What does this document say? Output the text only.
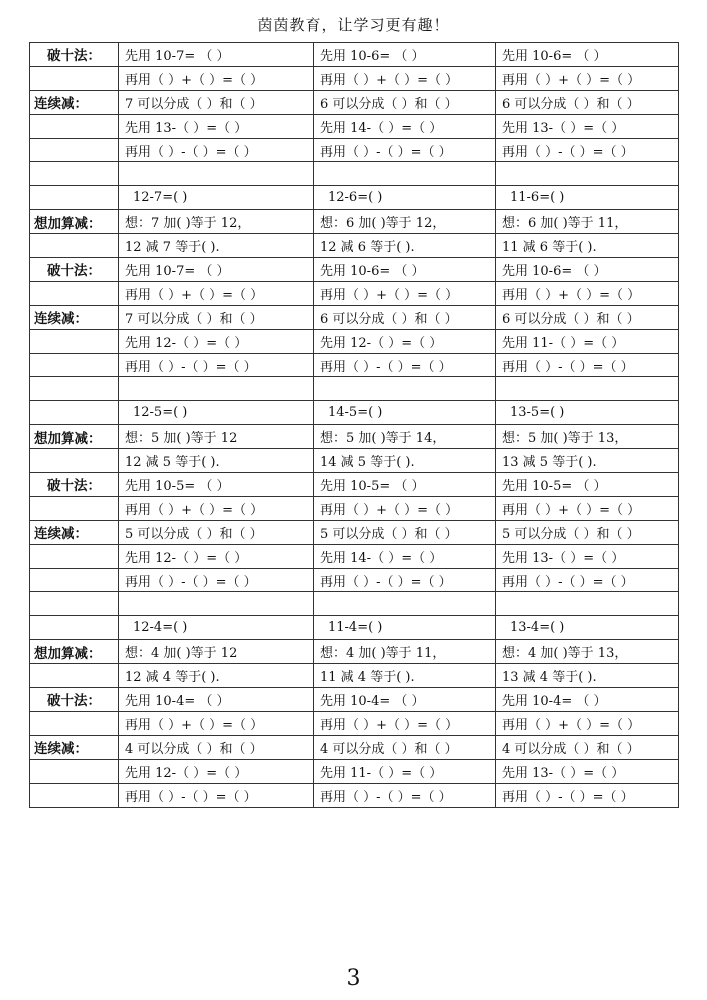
茵茵教育，让学习更有趣！
破十法：	先用 10-7= （ ）	先用 10-6= （ ）	先用 10-6= （ ）
	再用（ ）+（ ）=（ ）	再用（ ）+（ ）=（ ）	再用（ ）+（ ）=（ ）
连续减：	7 可以分成（ ）和（ ）	6 可以分成（ ）和（ ）	6 可以分成（ ）和（ ）
	先用 13-（ ）=（ ）	先用 14-（ ）=（ ）	先用 13-（ ）=（ ）
	再用（ ）-（ ）=（ ）	再用（ ）-（ ）=（ ）	再用（ ）-（ ）=（ ）

	12-7=( )	12-6=( )	11-6=( )
想加算减：	想：7 加( )等于 12，	想：6 加( )等于 12，	想：6 加( )等于 11，
	12 减 7 等于( ).	12 减 6 等于( ).	11 减 6 等于( ).
破十法：	先用 10-7= （ ）	先用 10-6= （ ）	先用 10-6= （ ）
	再用（ ）+（ ）=（ ）	再用（ ）+（ ）=（ ）	再用（ ）+（ ）=（ ）
连续减：	7 可以分成（ ）和（ ）	6 可以分成（ ）和（ ）	6 可以分成（ ）和（ ）
	先用 12-（ ）=（ ）	先用 12-（ ）=（ ）	先用 11-（ ）=（ ）
	再用（ ）-（ ）=（ ）	再用（ ）-（ ）=（ ）	再用（ ）-（ ）=（ ）

	12-5=( )	14-5=( )	13-5=( )
想加算减：	想：5 加( )等于 12	想：5 加( )等于 14，	想：5 加( )等于 13，
	12 减 5 等于( ).	14 减 5 等于( ).	13 减 5 等于( ).
破十法：	先用 10-5= （ ）	先用 10-5= （ ）	先用 10-5= （ ）
	再用（ ）+（ ）=（ ）	再用（ ）+（ ）=（ ）	再用（ ）+（ ）=（ ）
连续减：	5 可以分成（ ）和（ ）	5 可以分成（ ）和（ ）	5 可以分成（ ）和（ ）
	先用 12-（ ）=（ ）	先用 14-（ ）=（ ）	先用 13-（ ）=（ ）
	再用（ ）-（ ）=（ ）	再用（ ）-（ ）=（ ）	再用（ ）-（ ）=（ ）

	12-4=( )	11-4=( )	13-4=( )
想加算减：	想：4 加( )等于 12	想：4 加( )等于 11，	想：4 加( )等于 13，
	12 减 4 等于( ).	11 减 4 等于( ).	13 减 4 等于( ).
破十法：	先用 10-4= （ ）	先用 10-4= （ ）	先用 10-4= （ ）
	再用（ ）+（ ）=（ ）	再用（ ）+（ ）=（ ）	再用（ ）+（ ）=（ ）
连续减：	4 可以分成（ ）和（ ）	4 可以分成（ ）和（ ）	4 可以分成（ ）和（ ）
	先用 12-（ ）=（ ）	先用 11-（ ）=（ ）	先用 13-（ ）=（ ）
	再用（ ）-（ ）=（ ）	再用（ ）-（ ）=（ ）	再用（ ）-（ ）=（ ）
3
